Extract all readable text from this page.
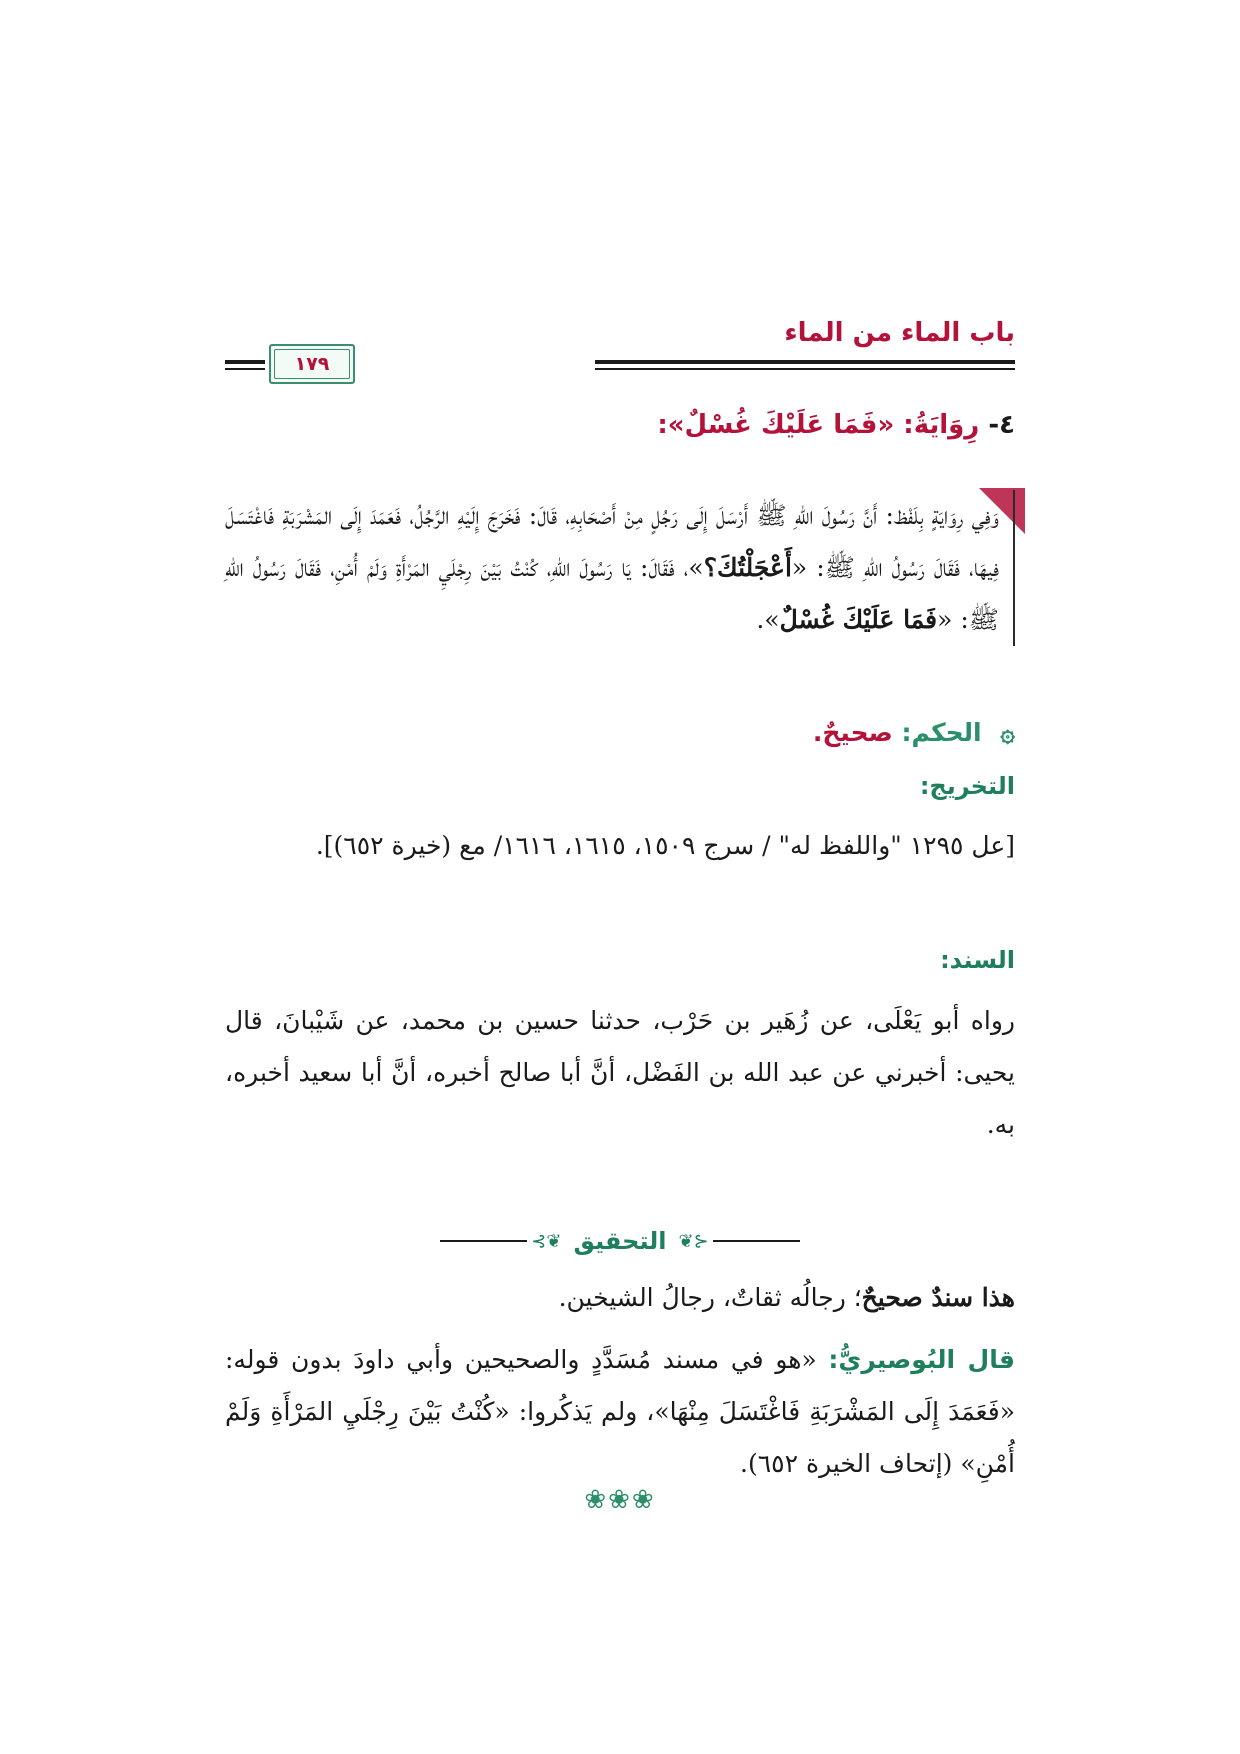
باب الماء من الماء
١٧٩
٤- رِوَايَةُ: «فَمَا عَلَيْكَ غُسْلٌ»:

وَفِي رِوَايَةٍ بِلَفْظ: أَنَّ رَسُولَ اللهِ ﷺ أَرْسَلَ إِلَى رَجُلٍ مِنْ أَصْحَابِهِ، قَالَ: فَخَرَجَ إِلَيْهِ الرَّجُلُ، فَعَمَدَ إِلَى المَشْرَبَةِ فَاغْتَسَلَ فِيهَا، فَقَالَ رَسُولُ اللهِ ﷺ: «أَعْجَلْتُكَ؟»، فَقَالَ: يَا رَسُولَ اللهِ، كُنْتُ بَيْنَ رِجْلَيِ المَرْأَةِ وَلَمْ أُمْنِ، فَقَالَ رَسُولُ اللهِ ﷺ: «فَمَا عَلَيْكَ غُسْلٌ».

۞ الحكم: صحيحٌ.
التخريج:

[عل ١٢٩٥ "واللفظ له" / سرج ١٥٠٩، ١٦١٥، ١٦١٦/ مع (خيرة ٦٥٢)].

السند:

رواه أبو يَعْلَى، عن زُهَير بن حَرْب، حدثنا حسين بن محمد، عن شَيْبانَ، قال يحيى: أخبرني عن عبد الله بن الفَضْل، أنَّ أبا صالح أخبره، أنَّ أبا سعيد أخبره، به.

⊰❦
التحقيق
❦⊱

هذا سندٌ صحيحٌ؛ رجالُه ثقاتٌ، رجالُ الشيخين.

قال البُوصيريُّ: «هو في مسند مُسَدَّدٍ والصحيحين وأبي داودَ بدون قوله: «فَعَمَدَ إِلَى المَشْرَبَةِ فَاغْتَسَلَ مِنْهَا»، ولم يَذكُروا: «كُنْتُ بَيْنَ رِجْلَيِ المَرْأَةِ وَلَمْ أُمْنِ» (إتحاف الخيرة ٦٥٢).

❀❀❀
